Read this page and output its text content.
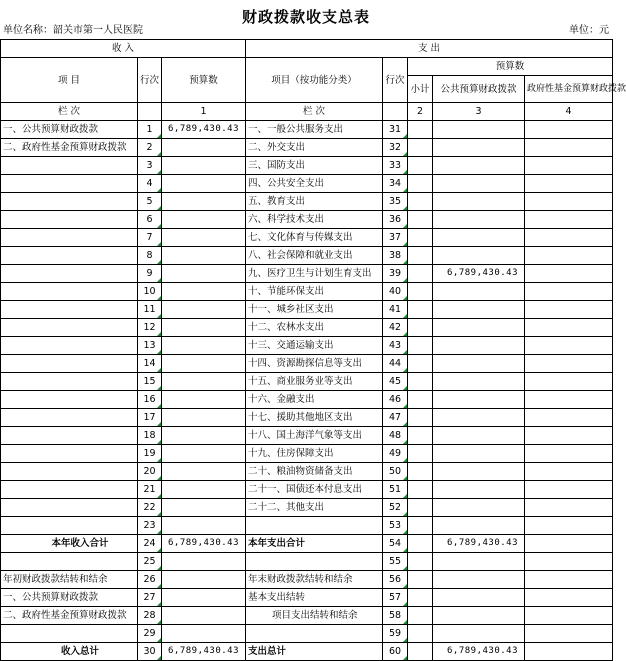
财政拨款收支总表
单位名称：韶关市第一人民医院	单位：元
收 入			支 出				
项 目	行次	预算数	项目（按功能分类）	行次	预算数		
					小计	公共预算财政拨款	政府性基金预算财政拨款
栏 次		1	栏 次		2	3	4
一、公共预算财政拨款	1	6,789,430.43	一、一般公共服务支出	31			
二、政府性基金预算财政拨款	2		二、外交支出	32			
	3		三、国防支出	33			
	4		四、公共安全支出	34			
	5		五、教育支出	35			
	6		六、科学技术支出	36			
	7		七、文化体育与传媒支出	37			
	8		八、社会保障和就业支出	38			
	9		九、医疗卫生与计划生育支出	39		6,789,430.43	
	10		十、节能环保支出	40			
	11		十一、城乡社区支出	41			
	12		十二、农林水支出	42			
	13		十三、交通运输支出	43			
	14		十四、资源勘探信息等支出	44			
	15		十五、商业服务业等支出	45			
	16		十六、金融支出	46			
	17		十七、援助其他地区支出	47			
	18		十八、国土海洋气象等支出	48			
	19		十九、住房保障支出	49			
	20		二十、粮油物资储备支出	50			
	21		二十一、国债还本付息支出	51			
	22		二十二、其他支出	52			
	23			53			
本年收入合计	24	6,789,430.43	本年支出合计	54		6,789,430.43	
	25			55			
年初财政拨款结转和结余	26		年末财政拨款结转和结余	56			
一、公共预算财政拨款	27		基本支出结转	57			
二、政府性基金预算财政拨款	28		项目支出结转和结余	58			
	29			59			
收入总计	30	6,789,430.43	支出总计	60		6,789,430.43	
